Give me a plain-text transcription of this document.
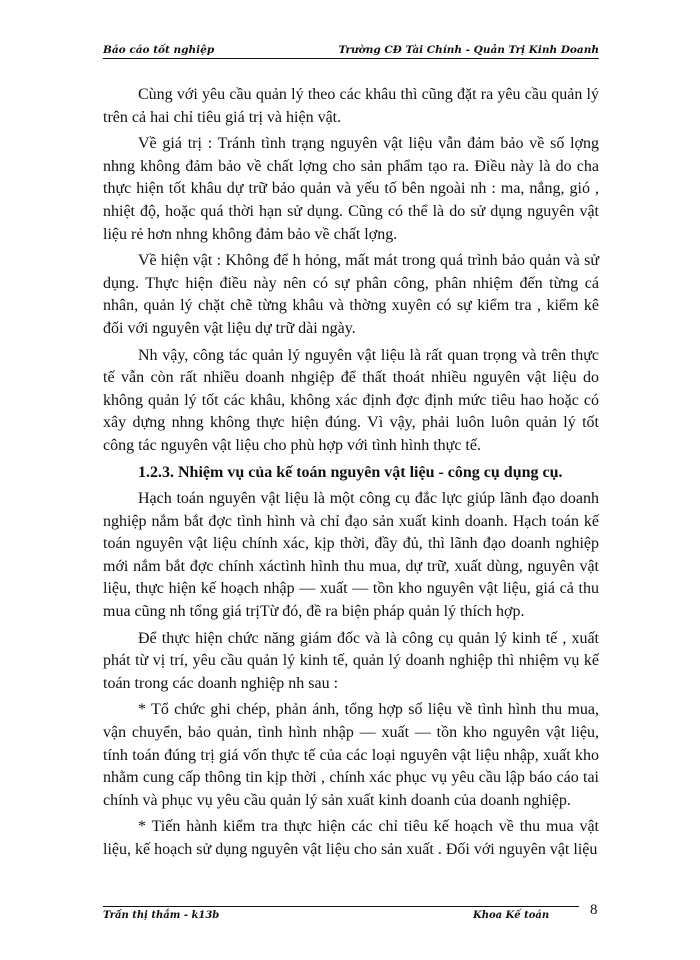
Báo cáo tốt nghiệp	Trường CĐ Tài Chính - Quản Trị Kinh Doanh

Cùng với yêu cầu quản lý theo các khâu thì cũng đặt ra yêu cầu quản lý trên cả hai chỉ tiêu giá trị và hiện vật.

Về giá trị : Tránh tình trạng nguyên vật liệu vẫn đảm bảo về số lợng nhng không đảm bảo về chất lợng cho sản phẩm tạo ra. Điều này là do cha thực hiện tốt khâu dự trữ bảo quản và yếu tố bên ngoài nh : ma, nắng, gió , nhiệt độ, hoặc quá thời hạn sử dụng. Cũng có thể là do sử dụng nguyên vật liệu rẻ hơn nhng không đảm bảo về chất lợng.

Về hiện vật : Không để h hỏng, mất mát trong quá trình bảo quản và sử dụng. Thực hiện điều này nên có sự phân công, phân nhiệm đến từng cá nhân, quản lý chặt chẽ từng khâu và thờng xuyên có sự kiểm tra , kiểm kê đối với nguyên vật liệu dự trữ dài ngày.

Nh vậy, công tác quản lý nguyên vật liệu là rất quan trọng và trên thực tế vẫn còn rất nhiều doanh nhgiệp để thất thoát nhiều nguyên vật liệu do không quản lý tốt các khâu, không xác định đợc định mức tiêu hao hoặc có xây dựng nhng không thực hiện đúng. Vì vậy, phải luôn luôn quản lý tốt công tác nguyên vật liệu cho phù hợp với tình hình thực tế.

1.2.3. Nhiệm vụ của kế toán nguyên vật liệu - công cụ dụng cụ.

Hạch toán nguyên vật liệu là một công cụ đắc lực giúp lãnh đạo doanh nghiệp nắm bắt đợc tình hình và chỉ đạo sản xuất kinh doanh. Hạch toán kế toán nguyên vật liệu chính xác, kịp thời, đầy đủ, thì lãnh đạo doanh nghiệp mới nắm bắt đợc chính xáctình hình thu mua, dự trữ, xuất dùng, nguyên vật liệu, thực hiện kế hoạch nhập — xuất — tồn kho nguyên vật liệu, giá cả thu mua cũng nh tổng giá trịTừ đó, đề ra biện pháp quản lý thích hợp.

Để thực hiện chức năng giám đốc và là công cụ quản lý kinh tế , xuất phát từ vị trí, yêu cầu quản lý kinh tế, quản lý doanh nghiệp thì nhiệm vụ kế toán trong các doanh nghiệp nh sau :

* Tổ chức ghi chép, phản ánh, tổng hợp số liệu về tình hình thu mua, vận chuyển, bảo quản, tình hình nhập — xuất — tồn kho nguyên vật liệu, tính toán đúng trị giá vốn thực tế của các loại nguyên vật liệu nhập, xuất kho nhằm cung cấp thông tin kịp thời , chính xác phục vụ yêu cầu lập báo cáo tai chính và phục vụ yêu cầu quản lý sản xuất kinh doanh của doanh nghiệp.

* Tiến hành kiểm tra thực hiện các chỉ tiêu kế hoạch về thu mua vật liệu, kế hoạch sử dụng nguyên vật liệu cho sản xuất . Đối với nguyên vật liệu

Trần thị thắm - k13b	Khoa Kế toán	8
